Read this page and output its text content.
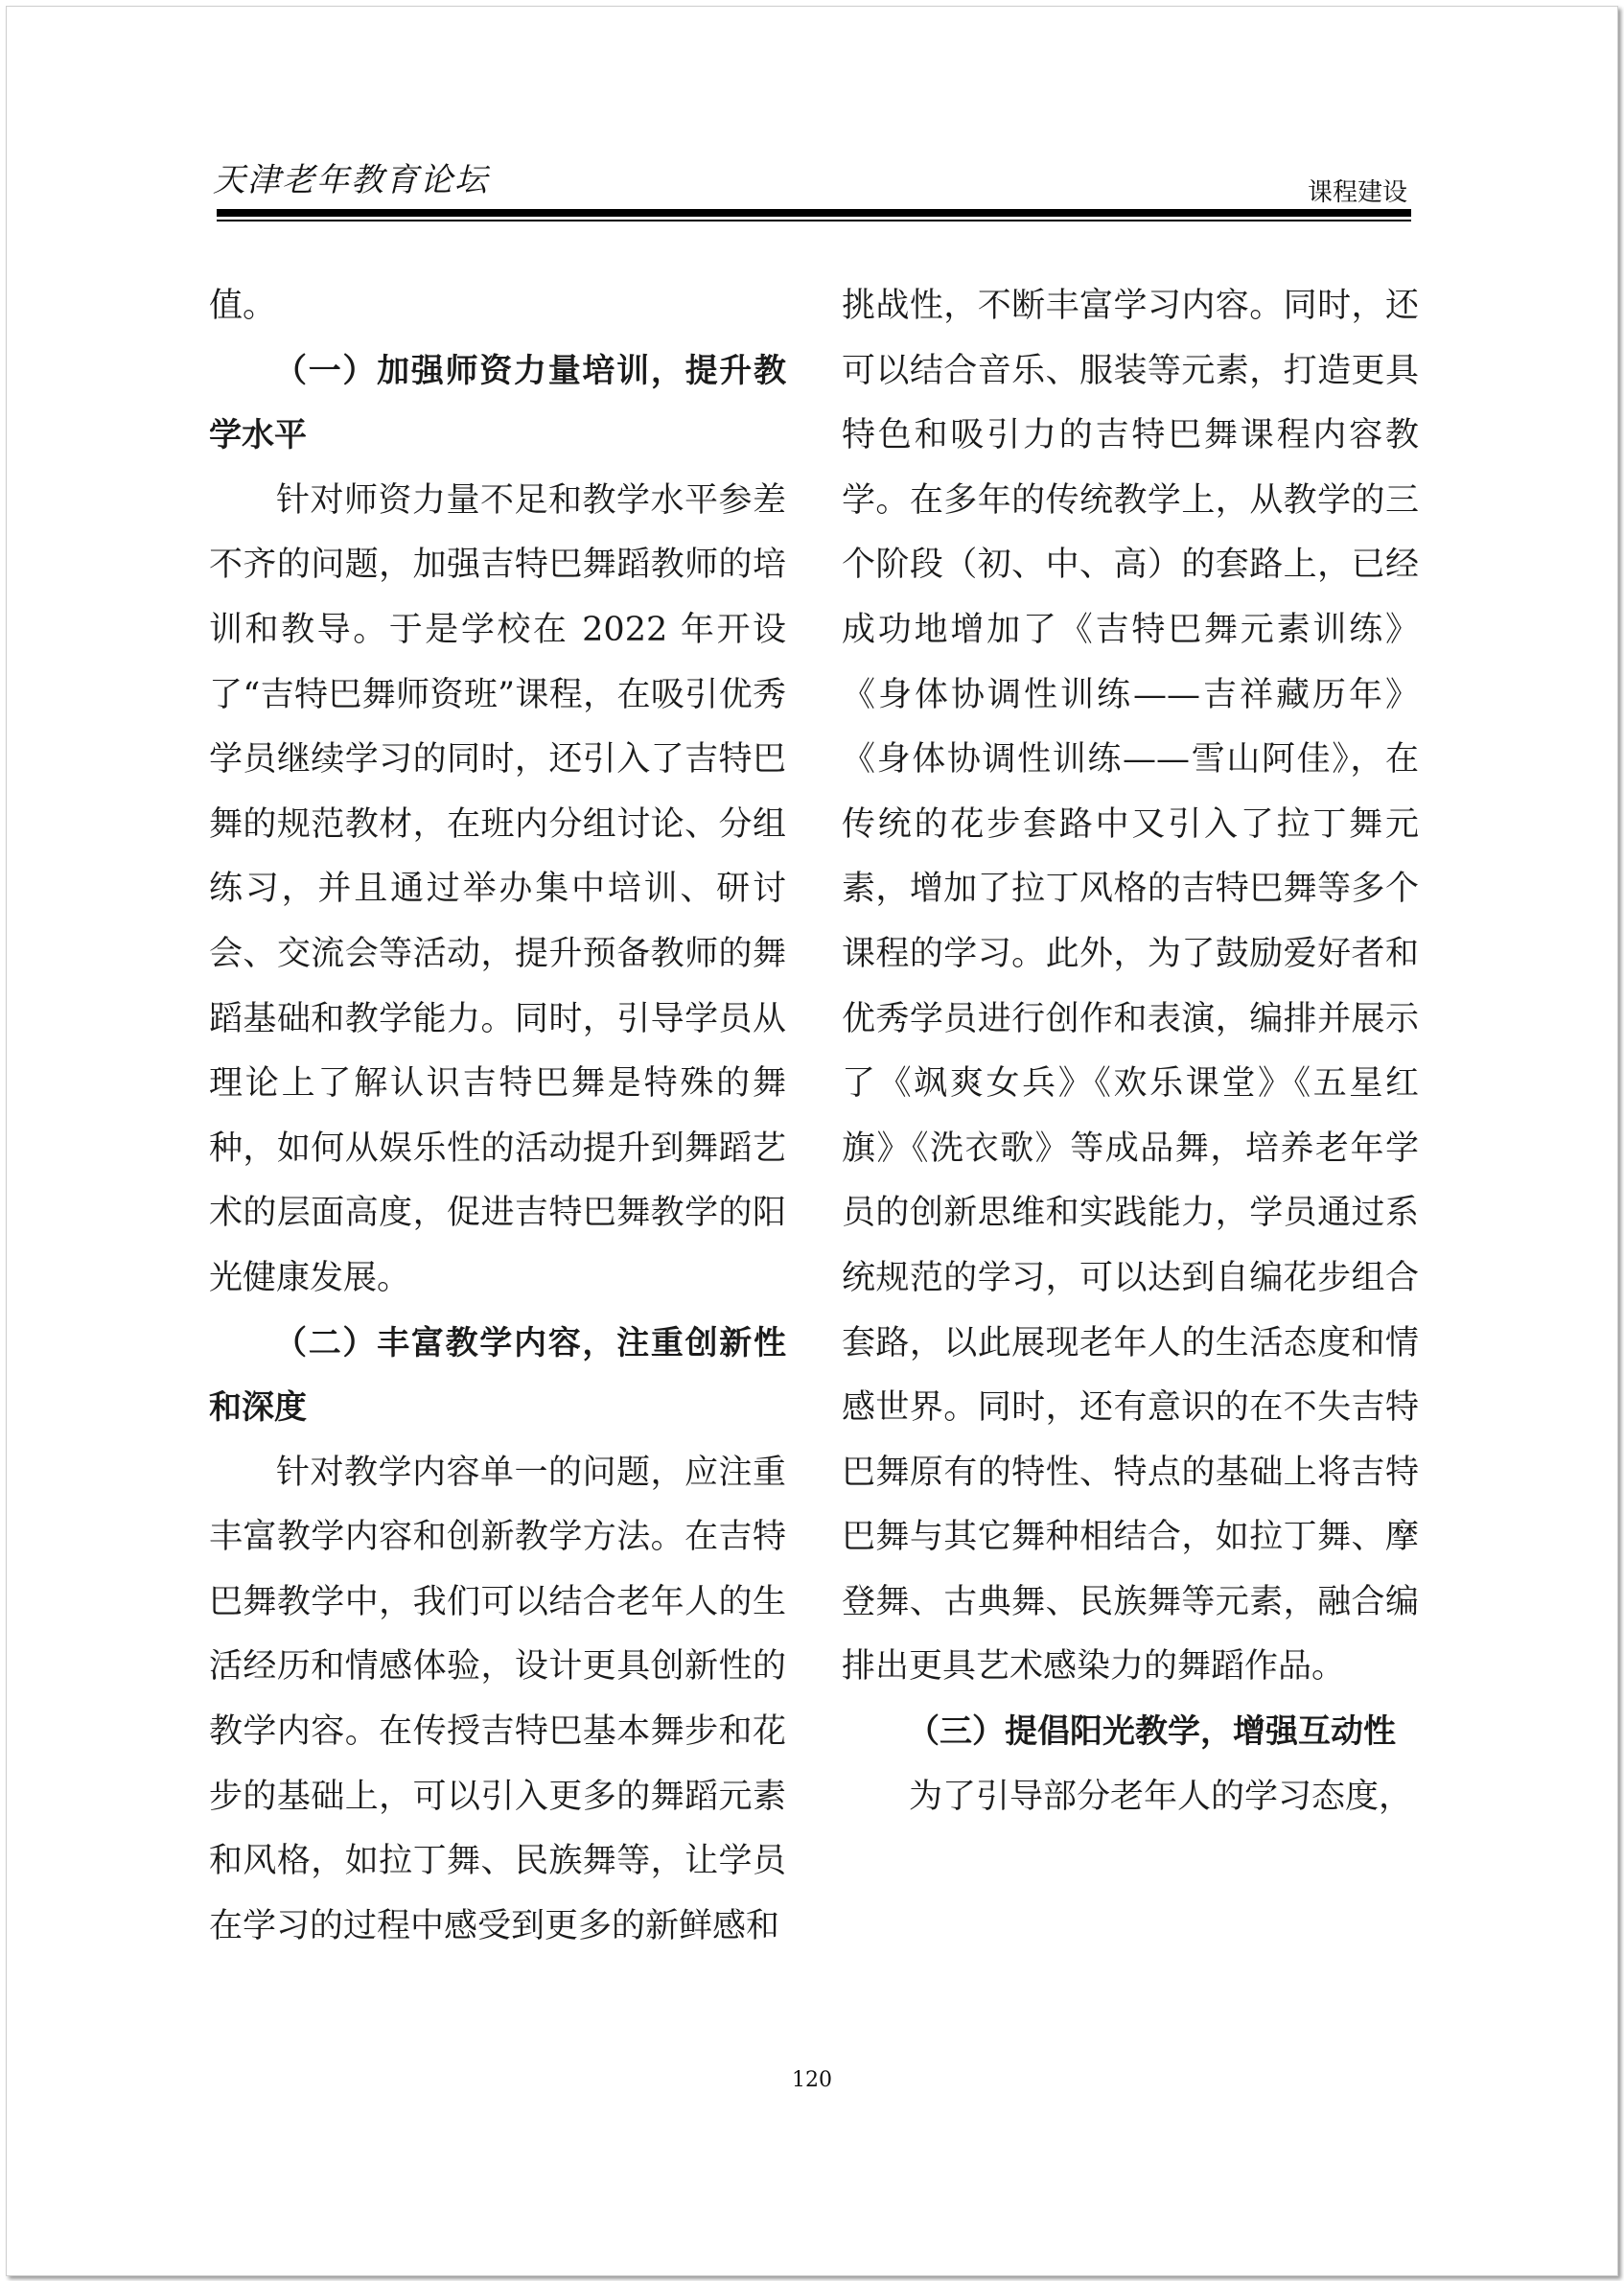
天津老年教育论坛	课程建设

值。

（一）加强师资力量培训，提升教学水平

针对师资力量不足和教学水平参差不齐的问题，加强吉特巴舞蹈教师的培训和教导。于是学校在 2022 年开设了“吉特巴舞师资班”课程，在吸引优秀学员继续学习的同时，还引入了吉特巴舞的规范教材，在班内分组讨论、分组练习，并且通过举办集中培训、研讨会、交流会等活动，提升预备教师的舞蹈基础和教学能力。同时，引导学员从理论上了解认识吉特巴舞是特殊的舞种，如何从娱乐性的活动提升到舞蹈艺术的层面高度，促进吉特巴舞教学的阳光健康发展。

（二）丰富教学内容，注重创新性和深度

针对教学内容单一的问题，应注重丰富教学内容和创新教学方法。在吉特巴舞教学中，我们可以结合老年人的生活经历和情感体验，设计更具创新性的教学内容。在传授吉特巴基本舞步和花步的基础上，可以引入更多的舞蹈元素和风格，如拉丁舞、民族舞等，让学员在学习的过程中感受到更多的新鲜感和

挑战性，不断丰富学习内容。同时，还可以结合音乐、服装等元素，打造更具特色和吸引力的吉特巴舞课程内容教学。在多年的传统教学上，从教学的三个阶段（初、中、高）的套路上，已经成功地增加了《吉特巴舞元素训练》《身体协调性训练——吉祥藏历年》《身体协调性训练——雪山阿佳》，在传统的花步套路中又引入了拉丁舞元素，增加了拉丁风格的吉特巴舞等多个课程的学习。此外，为了鼓励爱好者和优秀学员进行创作和表演，编排并展示了《飒爽女兵》《欢乐课堂》《五星红旗》《洗衣歌》等成品舞，培养老年学员的创新思维和实践能力，学员通过系统规范的学习，可以达到自编花步组合套路，以此展现老年人的生活态度和情感世界。同时，还有意识的在不失吉特巴舞原有的特性、特点的基础上将吉特巴舞与其它舞种相结合，如拉丁舞、摩登舞、古典舞、民族舞等元素，融合编排出更具艺术感染力的舞蹈作品。

（三）提倡阳光教学，增强互动性

为了引导部分老年人的学习态度，

120
